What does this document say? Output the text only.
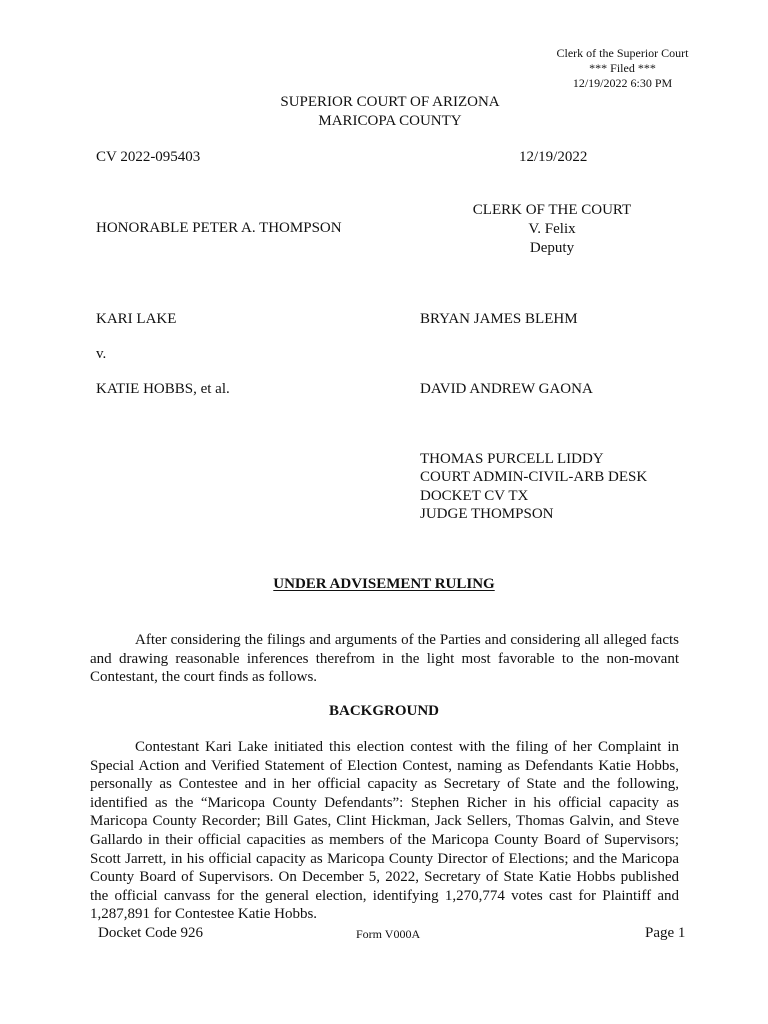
Clerk of the Superior Court
*** Filed ***
12/19/2022 6:30 PM
SUPERIOR COURT OF ARIZONA
MARICOPA COUNTY
CV 2022-095403	12/19/2022
HONORABLE PETER A. THOMPSON
CLERK OF THE COURT
V. Felix
Deputy
KARI LAKE	BRYAN JAMES BLEHM
v.
KATIE HOBBS, et al.	DAVID ANDREW GAONA
THOMAS PURCELL LIDDY
COURT ADMIN-CIVIL-ARB DESK
DOCKET CV TX
JUDGE THOMPSON
UNDER ADVISEMENT RULING
After considering the filings and arguments of the Parties and considering all alleged facts and drawing reasonable inferences therefrom in the light most favorable to the non-movant Contestant, the court finds as follows.
BACKGROUND
Contestant Kari Lake initiated this election contest with the filing of her Complaint in Special Action and Verified Statement of Election Contest, naming as Defendants Katie Hobbs, personally as Contestee and in her official capacity as Secretary of State and the following, identified as the “Maricopa County Defendants”: Stephen Richer in his official capacity as Maricopa County Recorder; Bill Gates, Clint Hickman, Jack Sellers, Thomas Galvin, and Steve Gallardo in their official capacities as members of the Maricopa County Board of Supervisors; Scott Jarrett, in his official capacity as Maricopa County Director of Elections; and the Maricopa County Board of Supervisors. On December 5, 2022, Secretary of State Katie Hobbs published the official canvass for the general election, identifying 1,270,774 votes cast for Plaintiff and 1,287,891 for Contestee Katie Hobbs.
Docket Code 926	Form V000A	Page 1
